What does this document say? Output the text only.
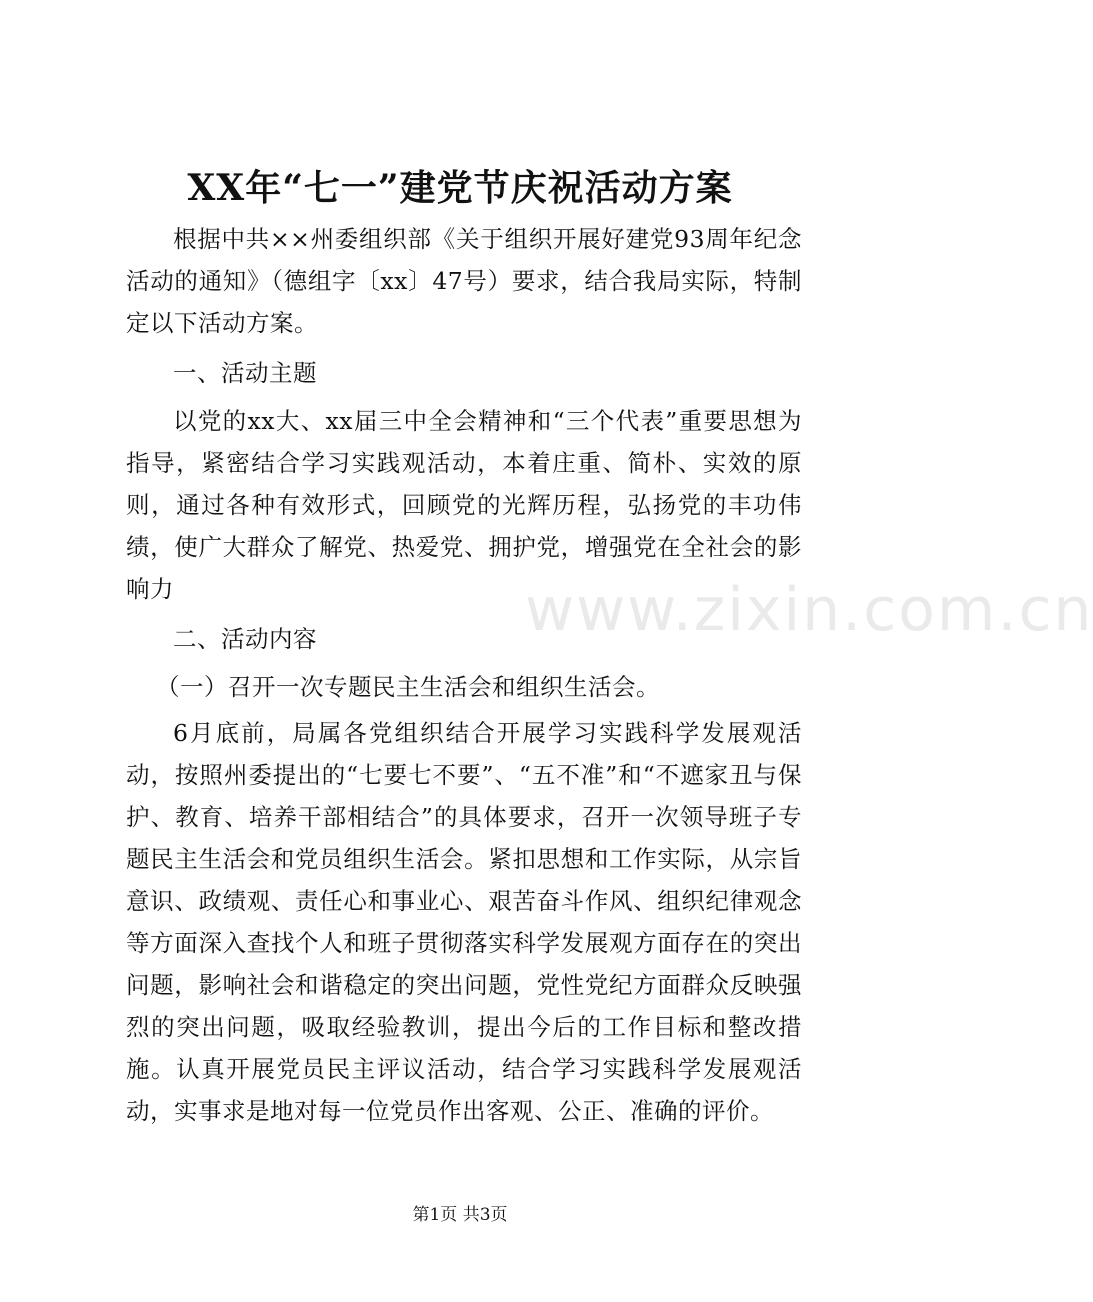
XX年“七一”建党节庆祝活动方案

根据中共××州委组织部《关于组织开展好建党93周年纪念活动的通知》（德组字〔xx〕47号）要求，结合我局实际，特制定以下活动方案。

一、活动主题

以党的xx大、xx届三中全会精神和“三个代表”重要思想为指导，紧密结合学习实践观活动，本着庄重、简朴、实效的原则，通过各种有效形式，回顾党的光辉历程，弘扬党的丰功伟绩，使广大群众了解党、热爱党、拥护党，增强党在全社会的影响力

二、活动内容

（一）召开一次专题民主生活会和组织生活会。

6月底前，局属各党组织结合开展学习实践科学发展观活动，按照州委提出的“七要七不要”、“五不准”和“不遮家丑与保护、教育、培养干部相结合”的具体要求，召开一次领导班子专题民主生活会和党员组织生活会。紧扣思想和工作实际，从宗旨意识、政绩观、责任心和事业心、艰苦奋斗作风、组织纪律观念等方面深入查找个人和班子贯彻落实科学发展观方面存在的突出问题，影响社会和谐稳定的突出问题，党性党纪方面群众反映强烈的突出问题，吸取经验教训，提出今后的工作目标和整改措施。认真开展党员民主评议活动，结合学习实践科学发展观活动，实事求是地对每一位党员作出客观、公正、准确的评价。

www.zixin.com.cn
第1页 共3页
